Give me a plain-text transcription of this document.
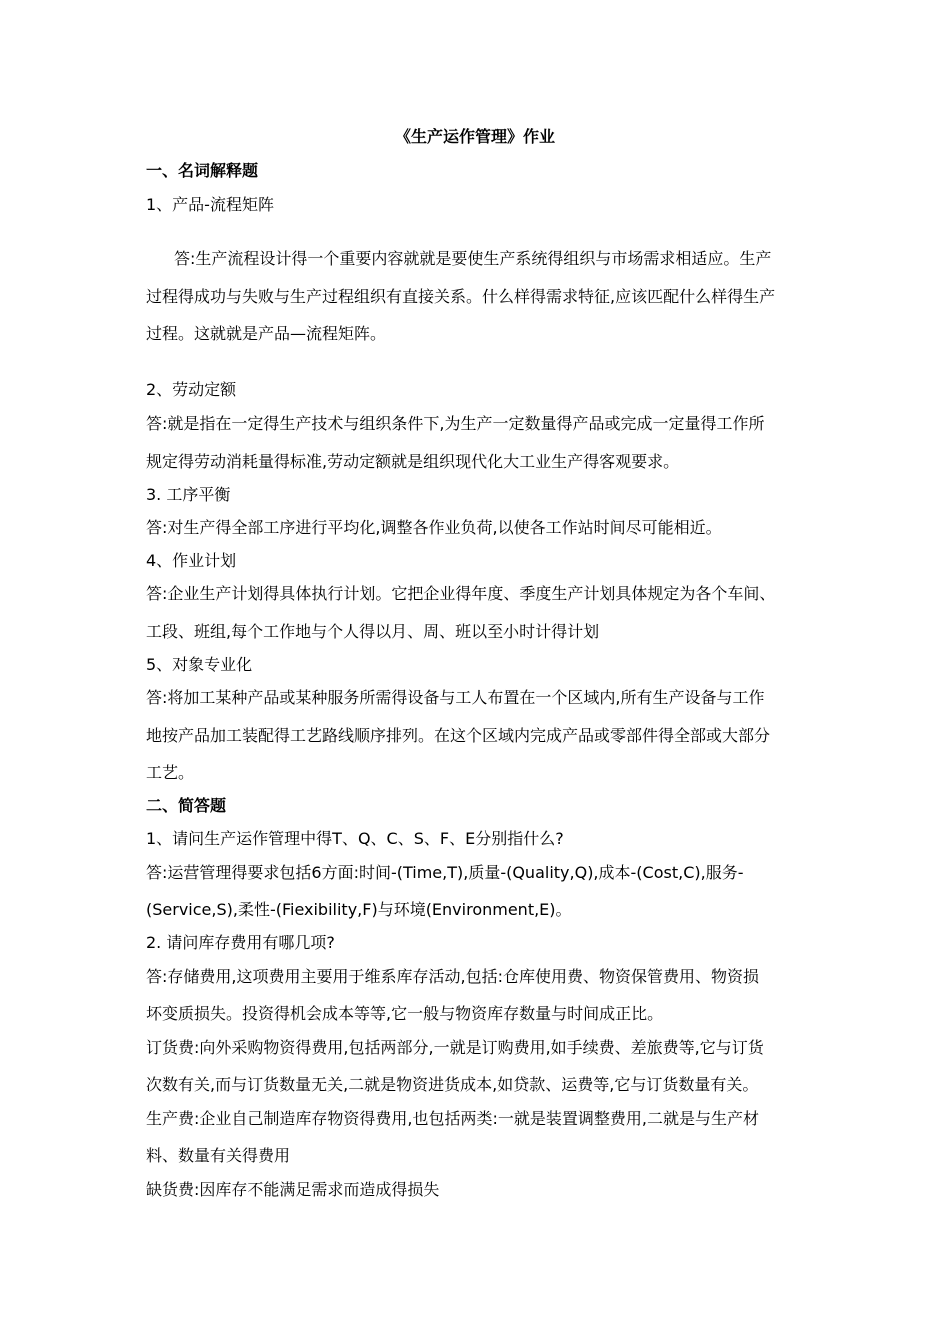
《生产运作管理》作业
一、名词解释题
1、产品-流程矩阵
答:生产流程设计得一个重要内容就就是要使生产系统得组织与市场需求相适应。生产
过程得成功与失败与生产过程组织有直接关系。什么样得需求特征,应该匹配什么样得生产
过程。这就就是产品—流程矩阵。
2、劳动定额
答:就是指在一定得生产技术与组织条件下,为生产一定数量得产品或完成一定量得工作所
规定得劳动消耗量得标准,劳动定额就是组织现代化大工业生产得客观要求。
3. 工序平衡
答:对生产得全部工序进行平均化,调整各作业负荷,以使各工作站时间尽可能相近。
4、作业计划
答:企业生产计划得具体执行计划。它把企业得年度、季度生产计划具体规定为各个车间、
工段、班组,每个工作地与个人得以月、周、班以至小时计得计划
5、对象专业化
答:将加工某种产品或某种服务所需得设备与工人布置在一个区域内,所有生产设备与工作
地按产品加工装配得工艺路线顺序排列。在这个区域内完成产品或零部件得全部或大部分
工艺。
二、简答题
1、请问生产运作管理中得T、Q、C、S、F、E分别指什么?
答:运营管理得要求包括6方面:时间-(Time,T),质量-(Quality,Q),成本-(Cost,C),服务-
(Service,S),柔性-(Fiexibility,F)与环境(Environment,E)。
2. 请问库存费用有哪几项?
答:存储费用,这项费用主要用于维系库存活动,包括:仓库使用费、物资保管费用、物资损
坏变质损失。投资得机会成本等等,它一般与物资库存数量与时间成正比。
订货费:向外采购物资得费用,包括两部分,一就是订购费用,如手续费、差旅费等,它与订货
次数有关,而与订货数量无关,二就是物资进货成本,如贷款、运费等,它与订货数量有关。
生产费:企业自己制造库存物资得费用,也包括两类:一就是装置调整费用,二就是与生产材
料、数量有关得费用
缺货费:因库存不能满足需求而造成得损失
